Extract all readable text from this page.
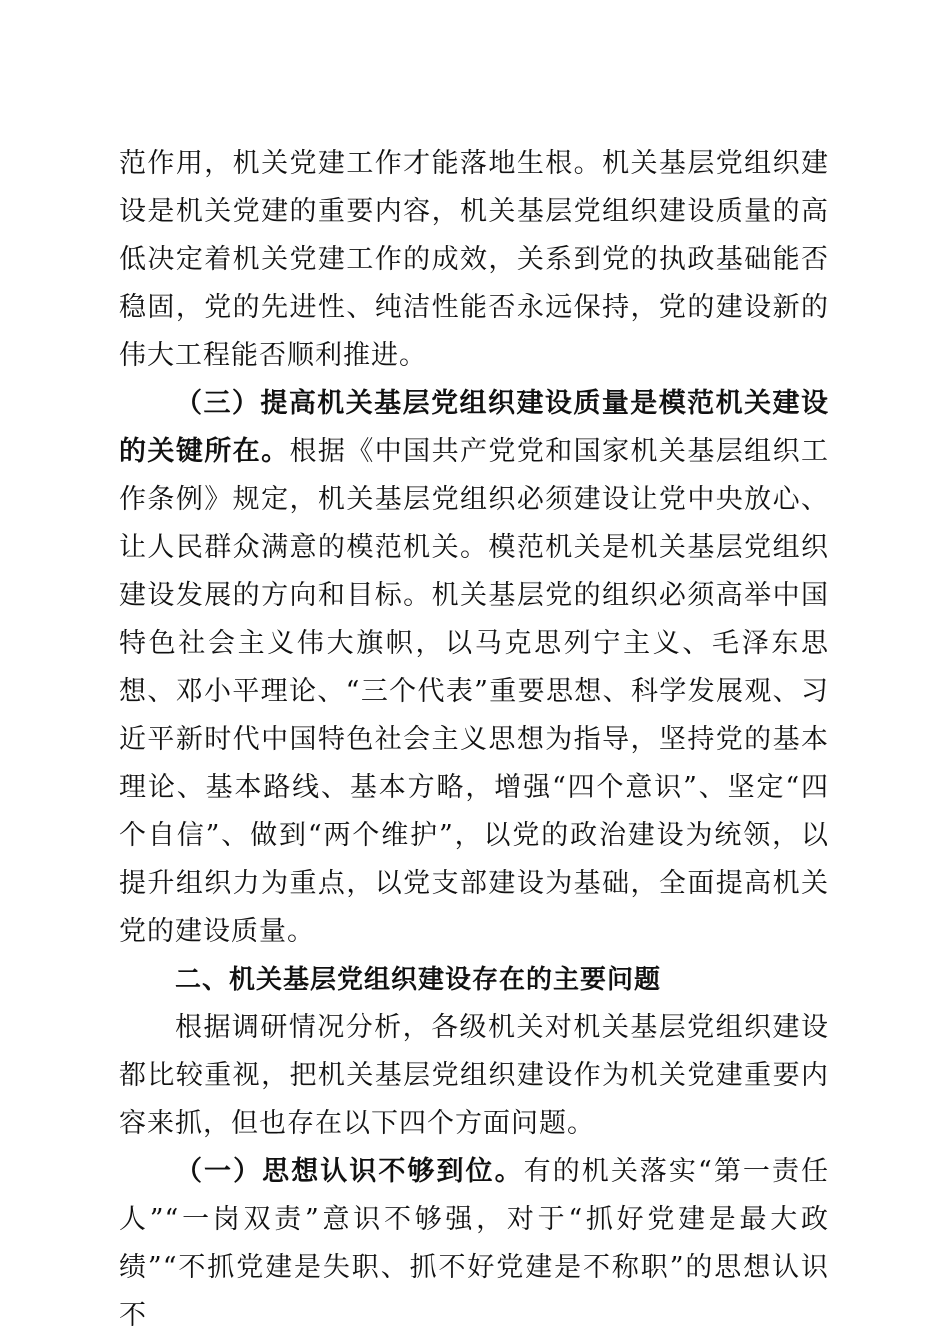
范作用，机关党建工作才能落地生根。机关基层党组织建设是机关党建的重要内容，机关基层党组织建设质量的高低决定着机关党建工作的成效，关系到党的执政基础能否稳固，党的先进性、纯洁性能否永远保持，党的建设新的伟大工程能否顺利推进。

（三）提高机关基层党组织建设质量是模范机关建设的关键所在。根据《中国共产党党和国家机关基层组织工作条例》规定，机关基层党组织必须建设让党中央放心、让人民群众满意的模范机关。模范机关是机关基层党组织建设发展的方向和目标。机关基层党的组织必须高举中国特色社会主义伟大旗帜，以马克思列宁主义、毛泽东思想、邓小平理论、“三个代表”重要思想、科学发展观、习近平新时代中国特色社会主义思想为指导，坚持党的基本理论、基本路线、基本方略，增强“四个意识”、坚定“四个自信”、做到“两个维护”，以党的政治建设为统领，以提升组织力为重点，以党支部建设为基础，全面提高机关党的建设质量。

二、机关基层党组织建设存在的主要问题

根据调研情况分析，各级机关对机关基层党组织建设都比较重视，把机关基层党组织建设作为机关党建重要内容来抓，但也存在以下四个方面问题。

（一）思想认识不够到位。有的机关落实“第一责任人”“一岗双责”意识不够强，对于“抓好党建是最大政绩”“不抓党建是失职、抓不好党建是不称职”的思想认识不
